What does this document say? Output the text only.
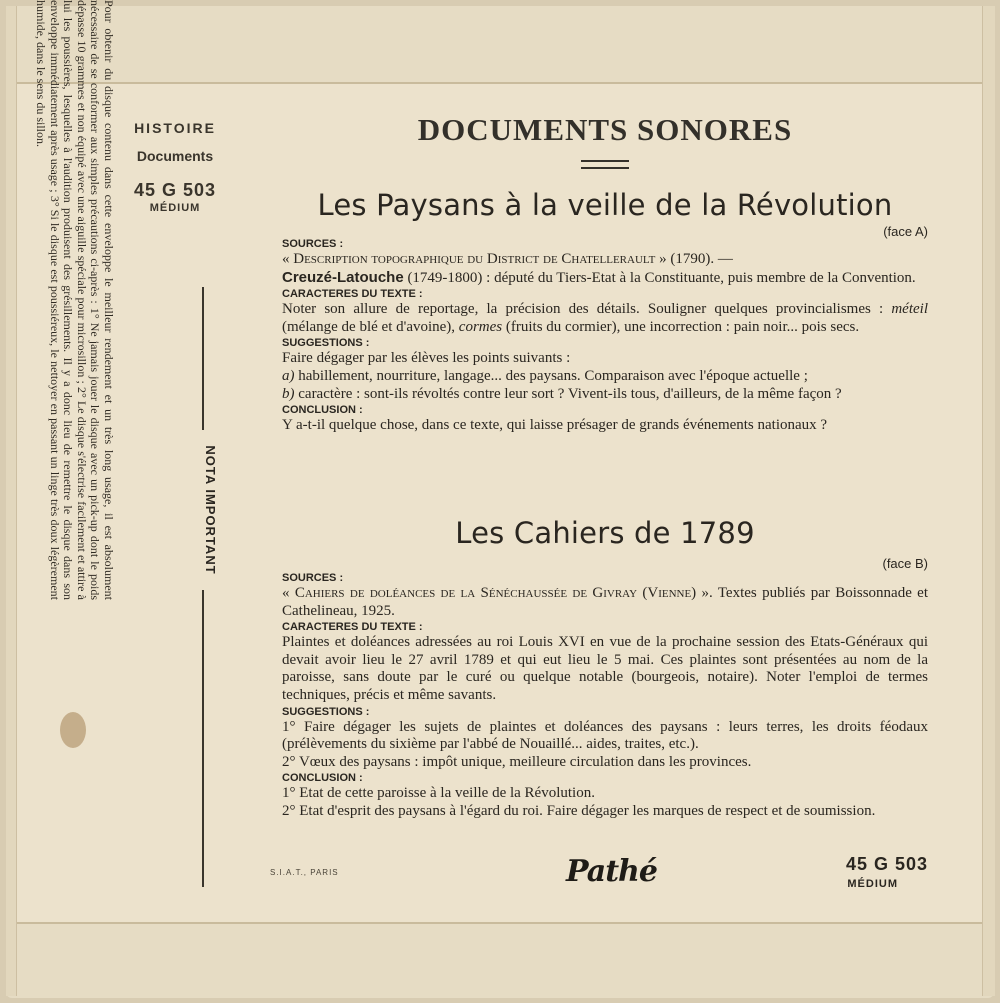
HISTOIRE
Documents
45 G 503
MÉDIUM
Pour obtenir du disque contenu dans cette enveloppe le meilleur rendement et un très long usage, il est absolument nécessaire de se conformer aux simples précautions ci-après : 1° Ne jamais jouer le disque avec un pick-up dont le poids dépasse 10 grammes et non équipé avec une aiguille spéciale pour microsillon ; 2° Le disque s'électrise facilement et attire à lui les poussières, lesquelles à l'audition produisent des grésillements. Il y a donc lieu de remettre le disque dans son enveloppe immédiatement après usage ; 3° Si le disque est poussiéreux, le nettoyer en passant un linge très doux légèrement humide, dans le sens du sillon.
NOTA IMPORTANT
DOCUMENTS SONORES
Les Paysans à la veille de la Révolution
(face A)
SOURCES :

« Description topographique du District de Chatellerault » (1790). —
Creuzé-Latouche (1749-1800) : député du Tiers-Etat à la Constituante, puis membre de la Convention.

CARACTERES DU TEXTE :

Noter son allure de reportage, la précision des détails. Souligner quelques provincialismes : méteil (mélange de blé et d'avoine), cormes (fruits du cormier), une incorrection : pain noir... pois secs.

SUGGESTIONS :

Faire dégager par les élèves les points suivants :

a) habillement, nourriture, langage... des paysans. Comparaison avec l'époque actuelle ;

b) caractère : sont-ils révoltés contre leur sort ? Vivent-ils tous, d'ailleurs, de la même façon ?

CONCLUSION :

Y a-t-il quelque chose, dans ce texte, qui laisse présager de grands événements nationaux ?

Les Cahiers de 1789
(face B)
SOURCES :

« Cahiers de doléances de la Sénéchaussée de Givray (Vienne) ». Textes publiés par Boissonnade et Cathelineau, 1925.

CARACTERES DU TEXTE :

Plaintes et doléances adressées au roi Louis XVI en vue de la prochaine session des Etats-Généraux qui devait avoir lieu le 27 avril 1789 et qui eut lieu le 5 mai. Ces plaintes sont présentées au nom de la paroisse, sans doute par le curé ou quelque notable (bourgeois, notaire). Noter l'emploi de termes techniques, précis et même savants.

SUGGESTIONS :

1° Faire dégager les sujets de plaintes et doléances des paysans : leurs terres, les droits féodaux (prélèvements du sixième par l'abbé de Nouaillé... aides, traites, etc.).

2° Vœux des paysans : impôt unique, meilleure circulation dans les provinces.

CONCLUSION :

1° Etat de cette paroisse à la veille de la Révolution.

2° Etat d'esprit des paysans à l'égard du roi. Faire dégager les marques de respect et de soumission.

S.I.A.T., PARIS	Pathé	45 G 503
MÉDIUM
